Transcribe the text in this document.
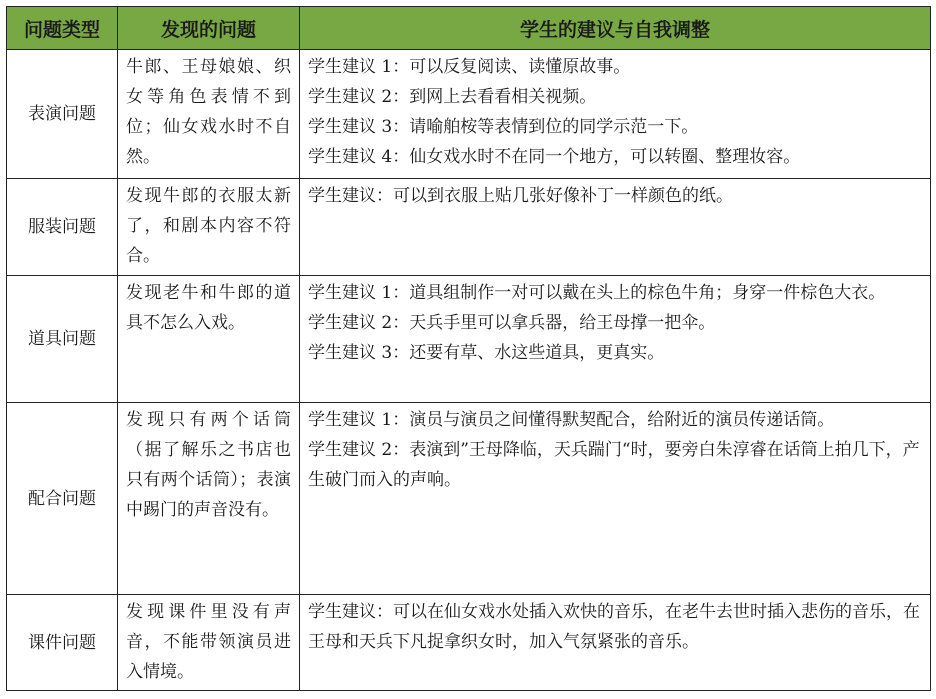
问题类型	发现的问题	学生的建议与自我调整
表演问题	牛郎、王母娘娘、织女等角色表情不到位；仙女戏水时不自然。	学生建议 1：可以反复阅读、读懂原故事。
学生建议 2：到网上去看看相关视频。
学生建议 3：请喻舶桉等表情到位的同学示范一下。
学生建议 4：仙女戏水时不在同一个地方，可以转圈、整理妆容。

服装问题	发现牛郎的衣服太新了，和剧本内容不符合。	学生建议：可以到衣服上贴几张好像补丁一样颜色的纸。

道具问题	发现老牛和牛郎的道具不怎么入戏。	学生建议 1：道具组制作一对可以戴在头上的棕色牛角；身穿一件棕色大衣。
学生建议 2：天兵手里可以拿兵器，给王母撑一把伞。
学生建议 3：还要有草、水这些道具，更真实。

配合问题	发现只有两个话筒（据了解乐之书店也只有两个话筒）；表演中踢门的声音没有。	学生建议 1：演员与演员之间懂得默契配合，给附近的演员传递话筒。
学生建议 2：表演到”王母降临，天兵踹门“时，要旁白朱淳睿在话筒上拍几下，产生破门而入的声响。

课件问题	发现课件里没有声音，不能带领演员进入情境。	学生建议：可以在仙女戏水处插入欢快的音乐，在老牛去世时插入悲伤的音乐，在王母和天兵下凡捉拿织女时，加入气氛紧张的音乐。
